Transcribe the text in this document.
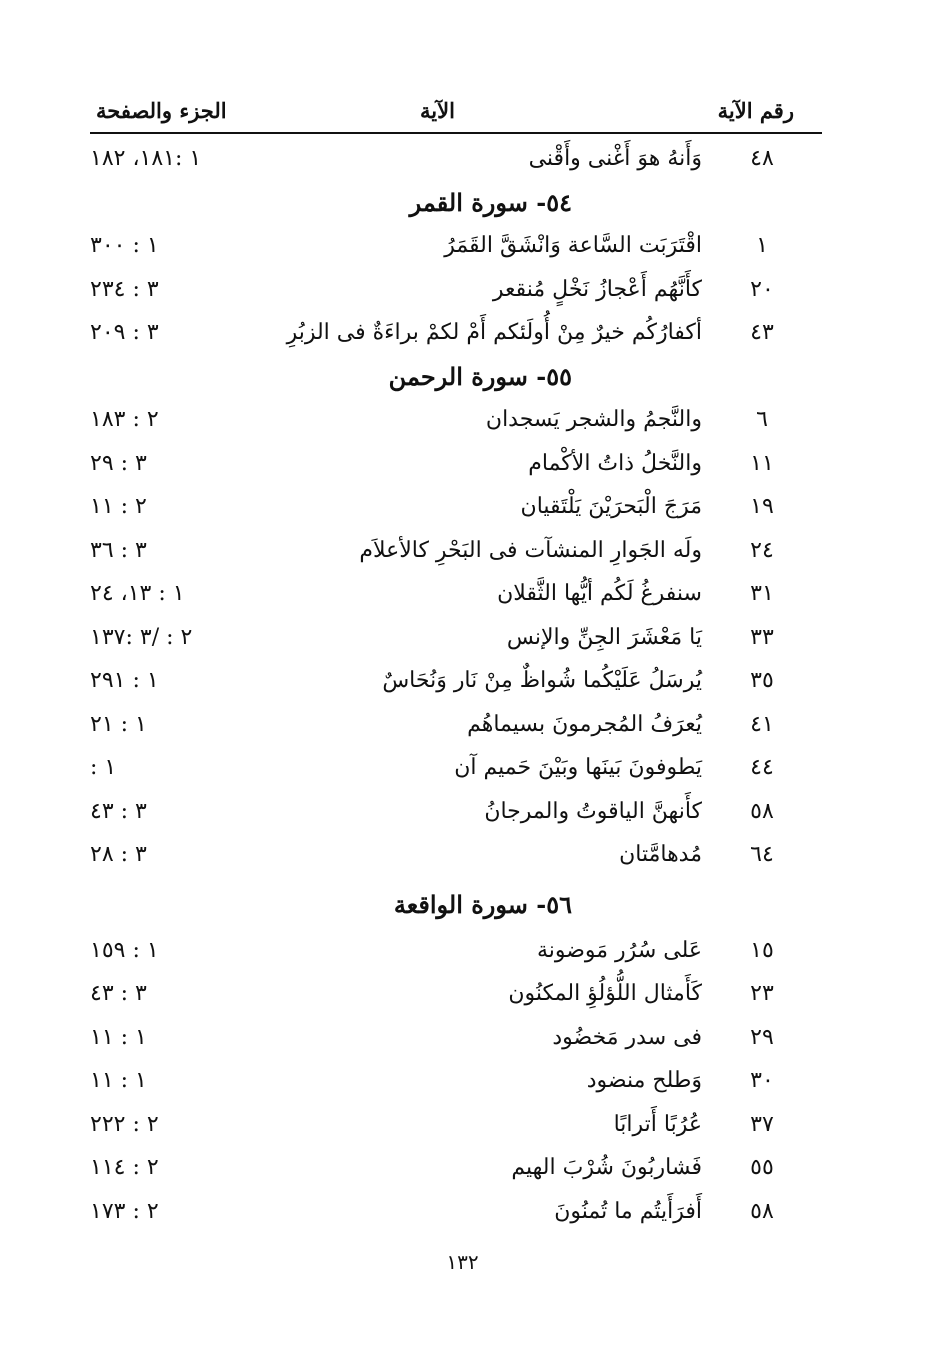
رقم الآية
الآية
الجزء والصفحة
٤٨
وَأَنهُ هوَ أَغْنى وأَقْنى
١ :١٨١، ١٨٢
٥٤- سورة القمر
١
اقْتَرَبَت السَّاعة وَانْشَقَّ القَمَرُ
١ : ٣٠٠
٢٠
كأَنَّهُم أَعْجازُ نَخْلٍ مُنقعر
٣ : ٢٣٤
٤٣
أكفارُكُم خيرٌ مِنْ أُولَئكم أَمْ لكمْ براءَةٌ فى الزبُرِ
٣ : ٢٠٩
٥٥- سورة الرحمن
٦
والنَّجمُ والشجر يَسجدان
٢ : ١٨٣
١١
والنَّخلُ ذاتُ الأكْمام
٣ : ٢٩
١٩
مَرَجَ الْبَحرَيْنَ يَلْتَقيان
٢ : ١١
٢٤
ولَه الجَوارِ المنشآت فى البَحْرِ كالأعلاَم
٣ : ٣٦
٣١
سنفرغُ لَكُم أيُّها الثَّقلان
١ : ١٣، ٢٤
٣٣
يَا مَعْشَرَ الجِنِّ والإنس
٢ : /٣ :١٣٧
٣٥
يُرسَلُ عَلَيْكُما شُواظٌ مِنْ نَار وَنُحَاسٌ
١ : ٢٩١
٤١
يُعرَفُ المُجرمونَ بسيماهُم
١ : ٢١
٤٤
يَطوفونَ بَينَها وبَيْنَ حَميم آن
١ :
٥٨
كأَنهنَّ الياقوتُ والمرجانُ
٣ : ٤٣
٦٤
مُدهامَّتان
٣ : ٢٨
٥٦- سورة الواقعة
١٥
عَلى سُرُر مَوضونة
١ : ١٥٩
٢٣
كَأَمثال اللُّؤلُؤِ المكنُون
٣ : ٤٣
٢٩
فى سدر مَخضُود
١ : ١١
٣٠
وَطلح منضود
١ : ١١
٣٧
عُرُبًا أَترابًا
٢ : ٢٢٢
٥٥
فَشاربُونَ شُرْبَ الهيم
٢ : ١١٤
٥٨
أَفرَأَيتُم ما تُمنُونَ
٢ : ١٧٣
١٣٢
